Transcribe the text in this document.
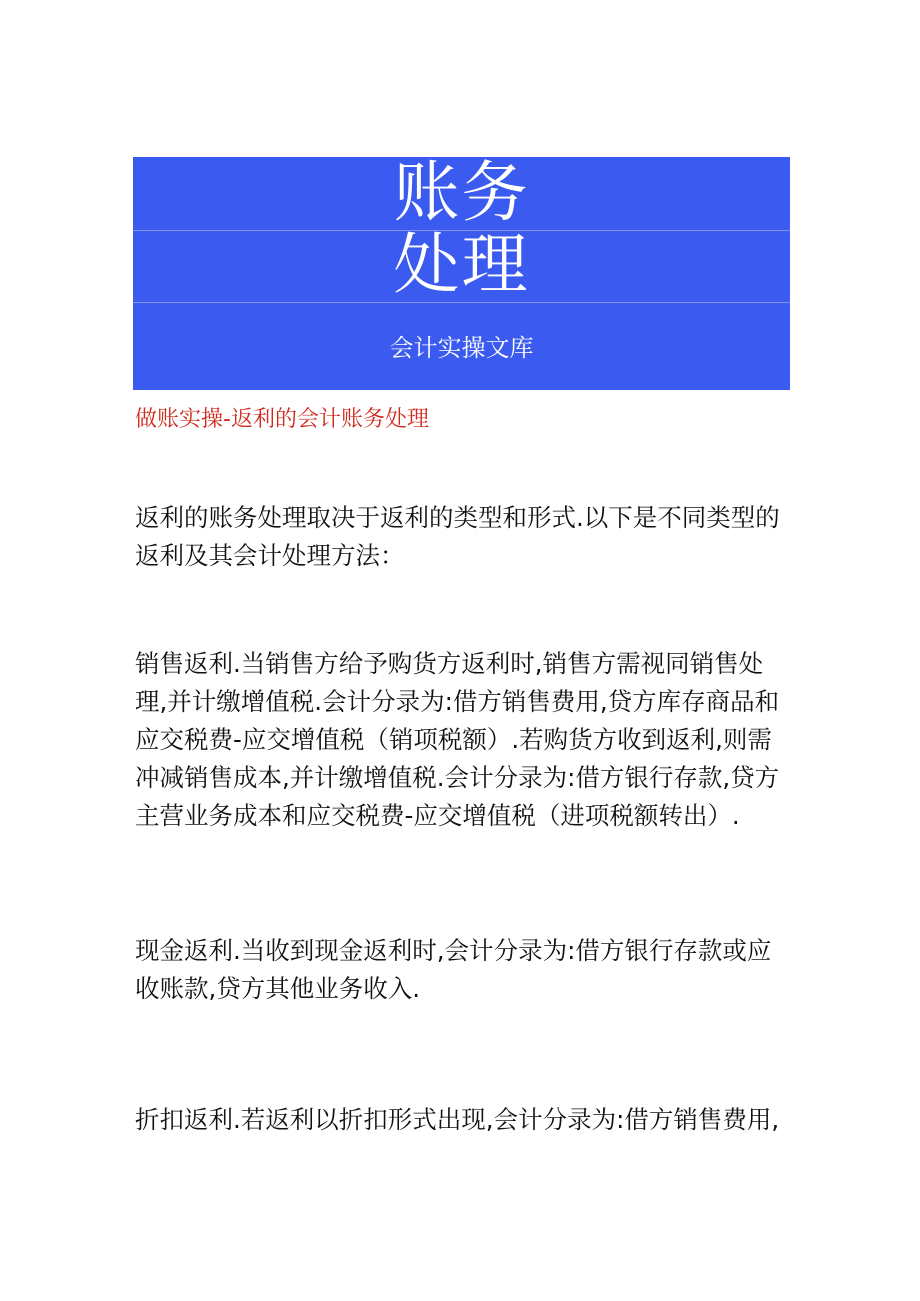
账务
处理
会计实操文库
做账实操-返利的会计账务处理

返利的账务处理取决于返利的类型和形式.以下是不同类型的返利及其会计处理方法：

销售返利.当销售方给予购货方返利时,销售方需视同销售处理,并计缴增值税.会计分录为:借方销售费用,贷方库存商品和应交税费-应交增值税（销项税额）.若购货方收到返利,则需冲减销售成本,并计缴增值税.会计分录为:借方银行存款,贷方主营业务成本和应交税费-应交增值税（进项税额转出）.

现金返利.当收到现金返利时,会计分录为:借方银行存款或应收账款,贷方其他业务收入.

折扣返利.若返利以折扣形式出现,会计分录为:借方销售费用,
